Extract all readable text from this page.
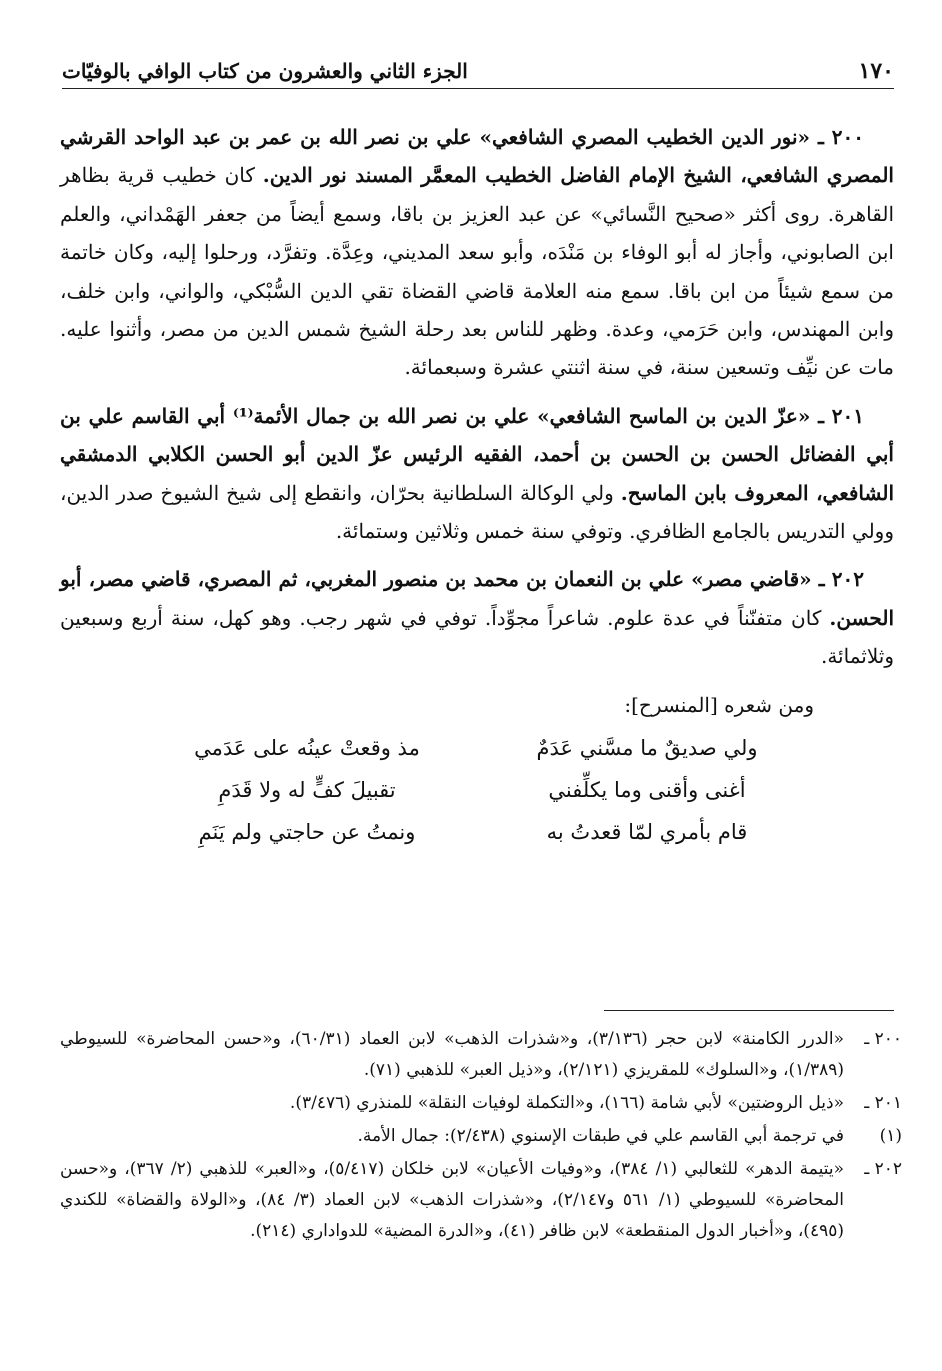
١٧٠
الجزء الثاني والعشرون من كتاب الوافي بالوفيّات

٢٠٠ ـ «نور الدين الخطيب المصري الشافعي» علي بن نصر الله بن عمر بن عبد الواحد القرشي المصري الشافعي، الشيخ الإمام الفاضل الخطيب المعمَّر المسند نور الدين. كان خطيب قرية بظاهر القاهرة. روى أكثر «صحيح النَّسائي» عن عبد العزيز بن باقا، وسمع أيضاً من جعفر الهَمْداني، والعلم ابن الصابوني، وأجاز له أبو الوفاء بن مَنْدَه، وأبو سعد المديني، وعِدَّة. وتفرَّد، ورحلوا إليه، وكان خاتمة من سمع شيئاً من ابن باقا. سمع منه العلامة قاضي القضاة تقي الدين السُّبْكي، والواني، وابن خلف، وابن المهندس، وابن حَرَمي، وعدة. وظهر للناس بعد رحلة الشيخ شمس الدين من مصر، وأثنوا عليه. مات عن نيِّف وتسعين سنة، في سنة اثنتي عشرة وسبعمائة.

٢٠١ ـ «عزّ الدين بن الماسح الشافعي» علي بن نصر الله بن جمال الأئمة⁽¹⁾ أبي القاسم علي بن أبي الفضائل الحسن بن الحسن بن أحمد، الفقيه الرئيس عزّ الدين أبو الحسن الكلابي الدمشقي الشافعي، المعروف بابن الماسح. ولي الوكالة السلطانية بحرّان، وانقطع إلى شيخ الشيوخ صدر الدين، وولي التدريس بالجامع الظافري. وتوفي سنة خمس وثلاثين وستمائة.

٢٠٢ ـ «قاضي مصر» علي بن النعمان بن محمد بن منصور المغربي، ثم المصري، قاضي مصر، أبو الحسن. كان متفنّناً في عدة علوم. شاعراً مجوِّداً. توفي في شهر رجب. وهو كهل، سنة أربع وسبعين وثلاثمائة.

ومن شعره [المنسرح]:
ولي صديقٌ ما مسَّني عَدَمٌ
مذ وقعتْ عينُه على عَدَمي
أغنى وأقنى وما يكلِّفني
تقبيلَ كفٍّ له ولا قَدَمِ
قام بأمري لمّا قعدتُ به
ونمتُ عن حاجتي ولم يَنَمِ
٢٠٠ ـ
«الدرر الكامنة» لابن حجر (٣/١٣٦)، و«شذرات الذهب» لابن العماد (٦٠/٣١)، و«حسن المحاضرة» للسيوطي (١/٣٨٩)، و«السلوك» للمقريزي (٢/١٢١)، و«ذيل العبر» للذهبي (٧١).
٢٠١ ـ
«ذيل الروضتين» لأبي شامة (١٦٦)، و«التكملة لوفيات النقلة» للمنذري (٣/٤٧٦).
(١)
في ترجمة أبي القاسم علي في طبقات الإسنوي (٢/٤٣٨): جمال الأمة.
٢٠٢ ـ
«يتيمة الدهر» للثعالبي (١/ ٣٨٤)، و«وفيات الأعيان» لابن خلكان (٥/٤١٧)، و«العبر» للذهبي (٢/ ٣٦٧)، و«حسن المحاضرة» للسيوطي (١/ ٥٦١ و٢/١٤٧)، و«شذرات الذهب» لابن العماد (٣/ ٨٤)، و«الولاة والقضاة» للكندي (٤٩٥)، و«أخبار الدول المنقطعة» لابن ظافر (٤١)، و«الدرة المضية» للدواداري (٢١٤).
